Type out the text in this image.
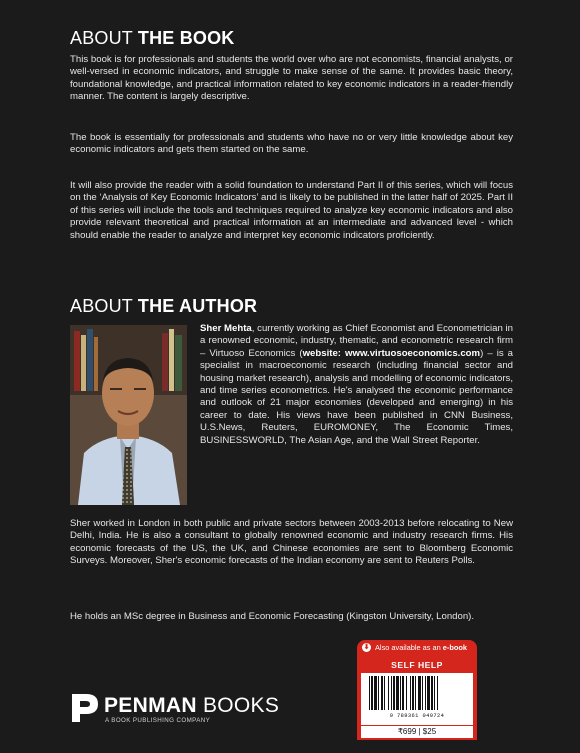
ABOUT THE BOOK

This book is for professionals and students the world over who are not economists, financial analysts, or well-versed in economic indicators, and struggle to make sense of the same. It provides basic theory, foundational knowledge, and practical information related to key economic indicators in a reader-friendly manner. The content is largely descriptive.

The book is essentially for professionals and students who have no or very little knowledge about key economic indicators and gets them started on the same.

It will also provide the reader with a solid foundation to understand Part II of this series, which will focus on the ‘Analysis of Key Economic Indicators’ and is likely to be published in the latter half of 2025. Part II of this series will include the tools and techniques required to analyze key economic indicators and also provide relevant theoretical and practical information at an intermediate and advanced level - which should enable the reader to analyze and interpret key economic indicators proficiently.

ABOUT THE AUTHOR

Sher Mehta, currently working as Chief Economist and Econometrician in a renowned economic, industry, thematic, and econometric research firm – Virtuoso Economics (website: www.virtuosoeconomics.com) – is a specialist in macroeconomic research (including financial sector and housing market research), analysis and modelling of economic indicators, and time series econometrics. He's analysed the economic performance and outlook of 21 major economies (developed and emerging) in his career to date. His views have been published in CNN Business, U.S.News, Reuters, EUROMONEY, The Economic Times, BUSINESSWORLD, The Asian Age, and the Wall Street Reporter.

Sher worked in London in both public and private sectors between 2003-2013 before relocating to New Delhi, India. He is also a consultant to globally renowned economic and industry research firms. His economic forecasts of the US, the UK, and Chinese economies are sent to Bloomberg Economic Surveys. Moreover, Sher's economic forecasts of the Indian economy are sent to Reuters Polls.

He holds an MSc degree in Business and Economic Forecasting (Kingston University, London).

PENMAN BOOKS
A BOOK PUBLISHING COMPANY
⬇ Also available as an e-book
SELF HELP
9 789361 049724
₹699 | $25
